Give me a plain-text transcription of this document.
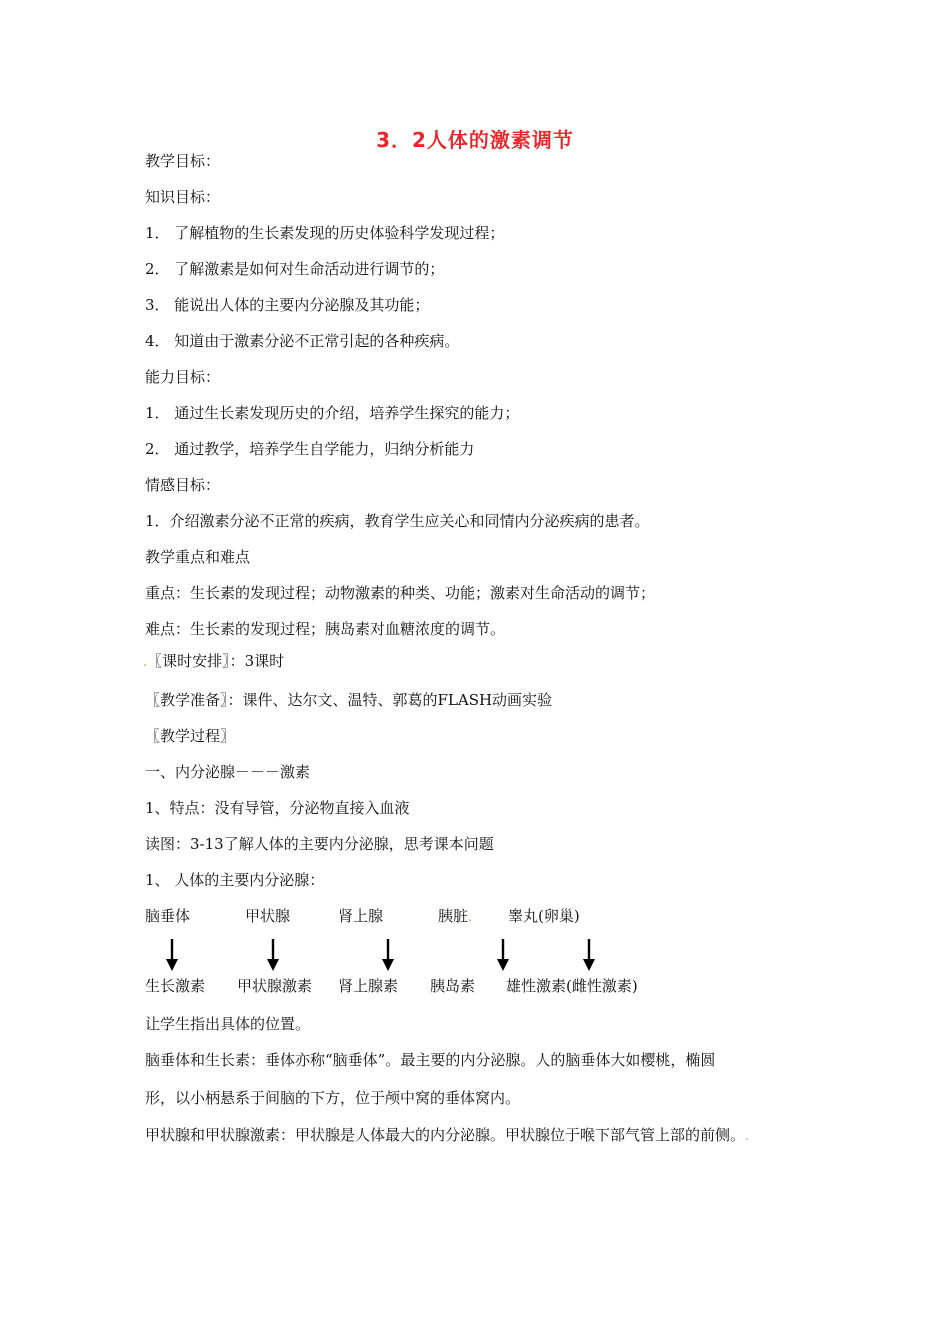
3．2人体的激素调节
教学目标：
知识目标：
1． 了解植物的生长素发现的历史体验科学发现过程；
2． 了解激素是如何对生命活动进行调节的；
3． 能说出人体的主要内分泌腺及其功能；
4． 知道由于激素分泌不正常引起的各种疾病。
能力目标：
1． 通过生长素发现历史的介绍，培养学生探究的能力；
2． 通过教学，培养学生自学能力，归纳分析能力
情感目标：
1．介绍激素分泌不正常的疾病，教育学生应关心和同情内分泌疾病的患者。
教学重点和难点
重点：生长素的发现过程；动物激素的种类、功能；激素对生命活动的调节；
难点：生长素的发现过程；胰岛素对血糖浓度的调节。
.〖课时安排〗：3课时
〖教学准备〗：课件、达尔文、温特、郭葛的FLASH动画实验
〖教学过程〗
一、内分泌腺－－－激素
1、特点：没有导管，分泌物直接入血液
读图：3-13了解人体的主要内分泌腺，思考课本问题
1、 人体的主要内分泌腺：
脑垂体	甲状腺	肾上腺	胰脏. 睾丸(卵巢)
生长激素 甲状腺激素 肾上腺素 胰岛素 雄性激素(雌性激素)
让学生指出具体的位置。
脑垂体和生长素：垂体亦称“脑垂体”。最主要的内分泌腺。人的脑垂体大如樱桃，椭圆
形，以小柄悬系于间脑的下方，位于颅中窝的垂体窝内。
甲状腺和甲状腺激素：甲状腺是人体最大的内分泌腺。甲状腺位于喉下部气管上部的前侧。.
